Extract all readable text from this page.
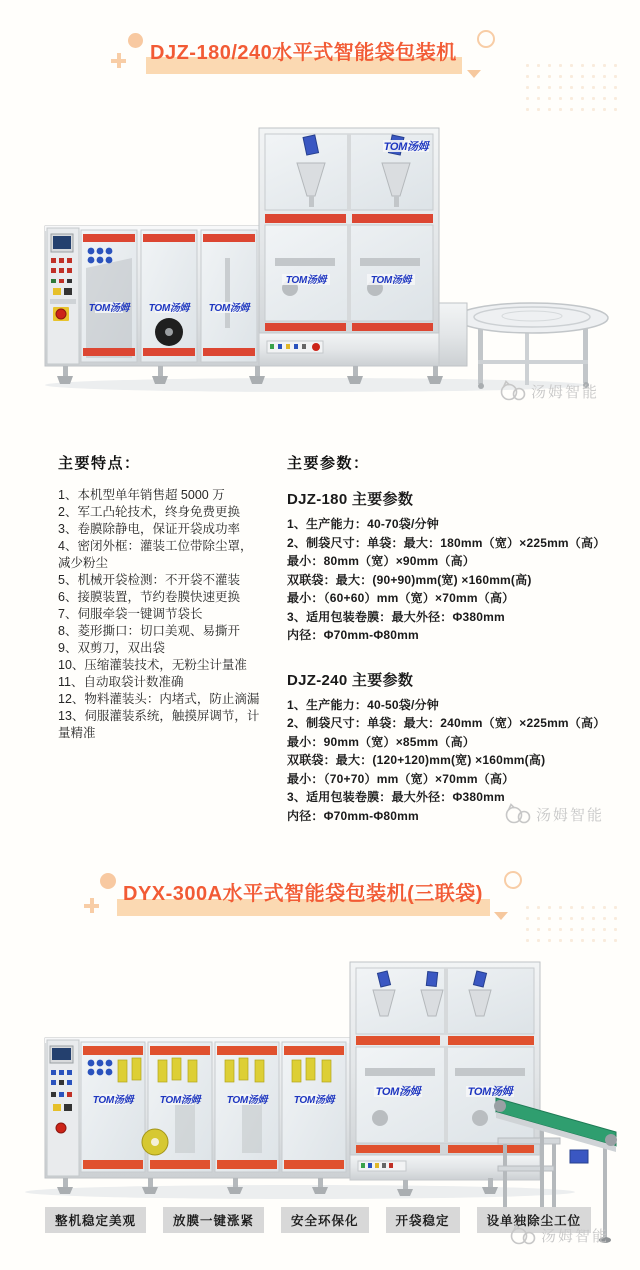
DJZ-180/240水平式智能袋包装机
TOM汤姆 TOM汤姆 TOM汤姆
TOM汤姆
TOM汤姆	TOM汤姆
汤姆智能
主要特点：

1、本机型单年销售超 5000 万

2、军工凸轮技术，终身免费更换

3、卷膜除静电，保证开袋成功率

4、密闭外框：灌装工位带除尘罩，减少粉尘

5、机械开袋检测：不开袋不灌装

6、接膜装置，节约卷膜快速更换

7、伺服牵袋一键调节袋长

8、菱形撕口：切口美观、易撕开

9、双剪刀，双出袋

10、压缩灌装技术，无粉尘计量准

11、自动取袋计数准确

12、物料灌装头：内堵式，防止滴漏

13、伺服灌装系统，触摸屏调节，计量精准

主要参数：
DJZ-180 主要参数

1、生产能力：40-70袋/分钟

2、制袋尺寸：单袋：最大：180mm（宽）×225mm（高）

最小：80mm（宽）×90mm（高）

双联袋：最大：(90+90)mm(宽) ×160mm(高)

最小：（60+60）mm（宽）×70mm（高）

3、适用包装卷膜：最大外径：Φ380mm

内径：Φ70mm-Φ80mm

DJZ-240 主要参数

1、生产能力：40-50袋/分钟

2、制袋尺寸：单袋：最大：240mm（宽）×225mm（高）

最小：90mm（宽）×85mm（高）

双联袋：最大：(120+120)mm(宽) ×160mm(高)

最小：（70+70）mm（宽）×70mm（高）

3、适用包装卷膜：最大外径：Φ380mm

内径：Φ70mm-Φ80mm	汤姆智能
DYX-300A水平式智能袋包装机(三联袋)
TOM汤姆	TOM汤姆	TOM汤姆	TOM汤姆
TOM汤姆	TOM汤姆
整机稳定美观	放膜一键涨紧	安全环保化	开袋稳定	设单独除尘工位
汤姆智能
